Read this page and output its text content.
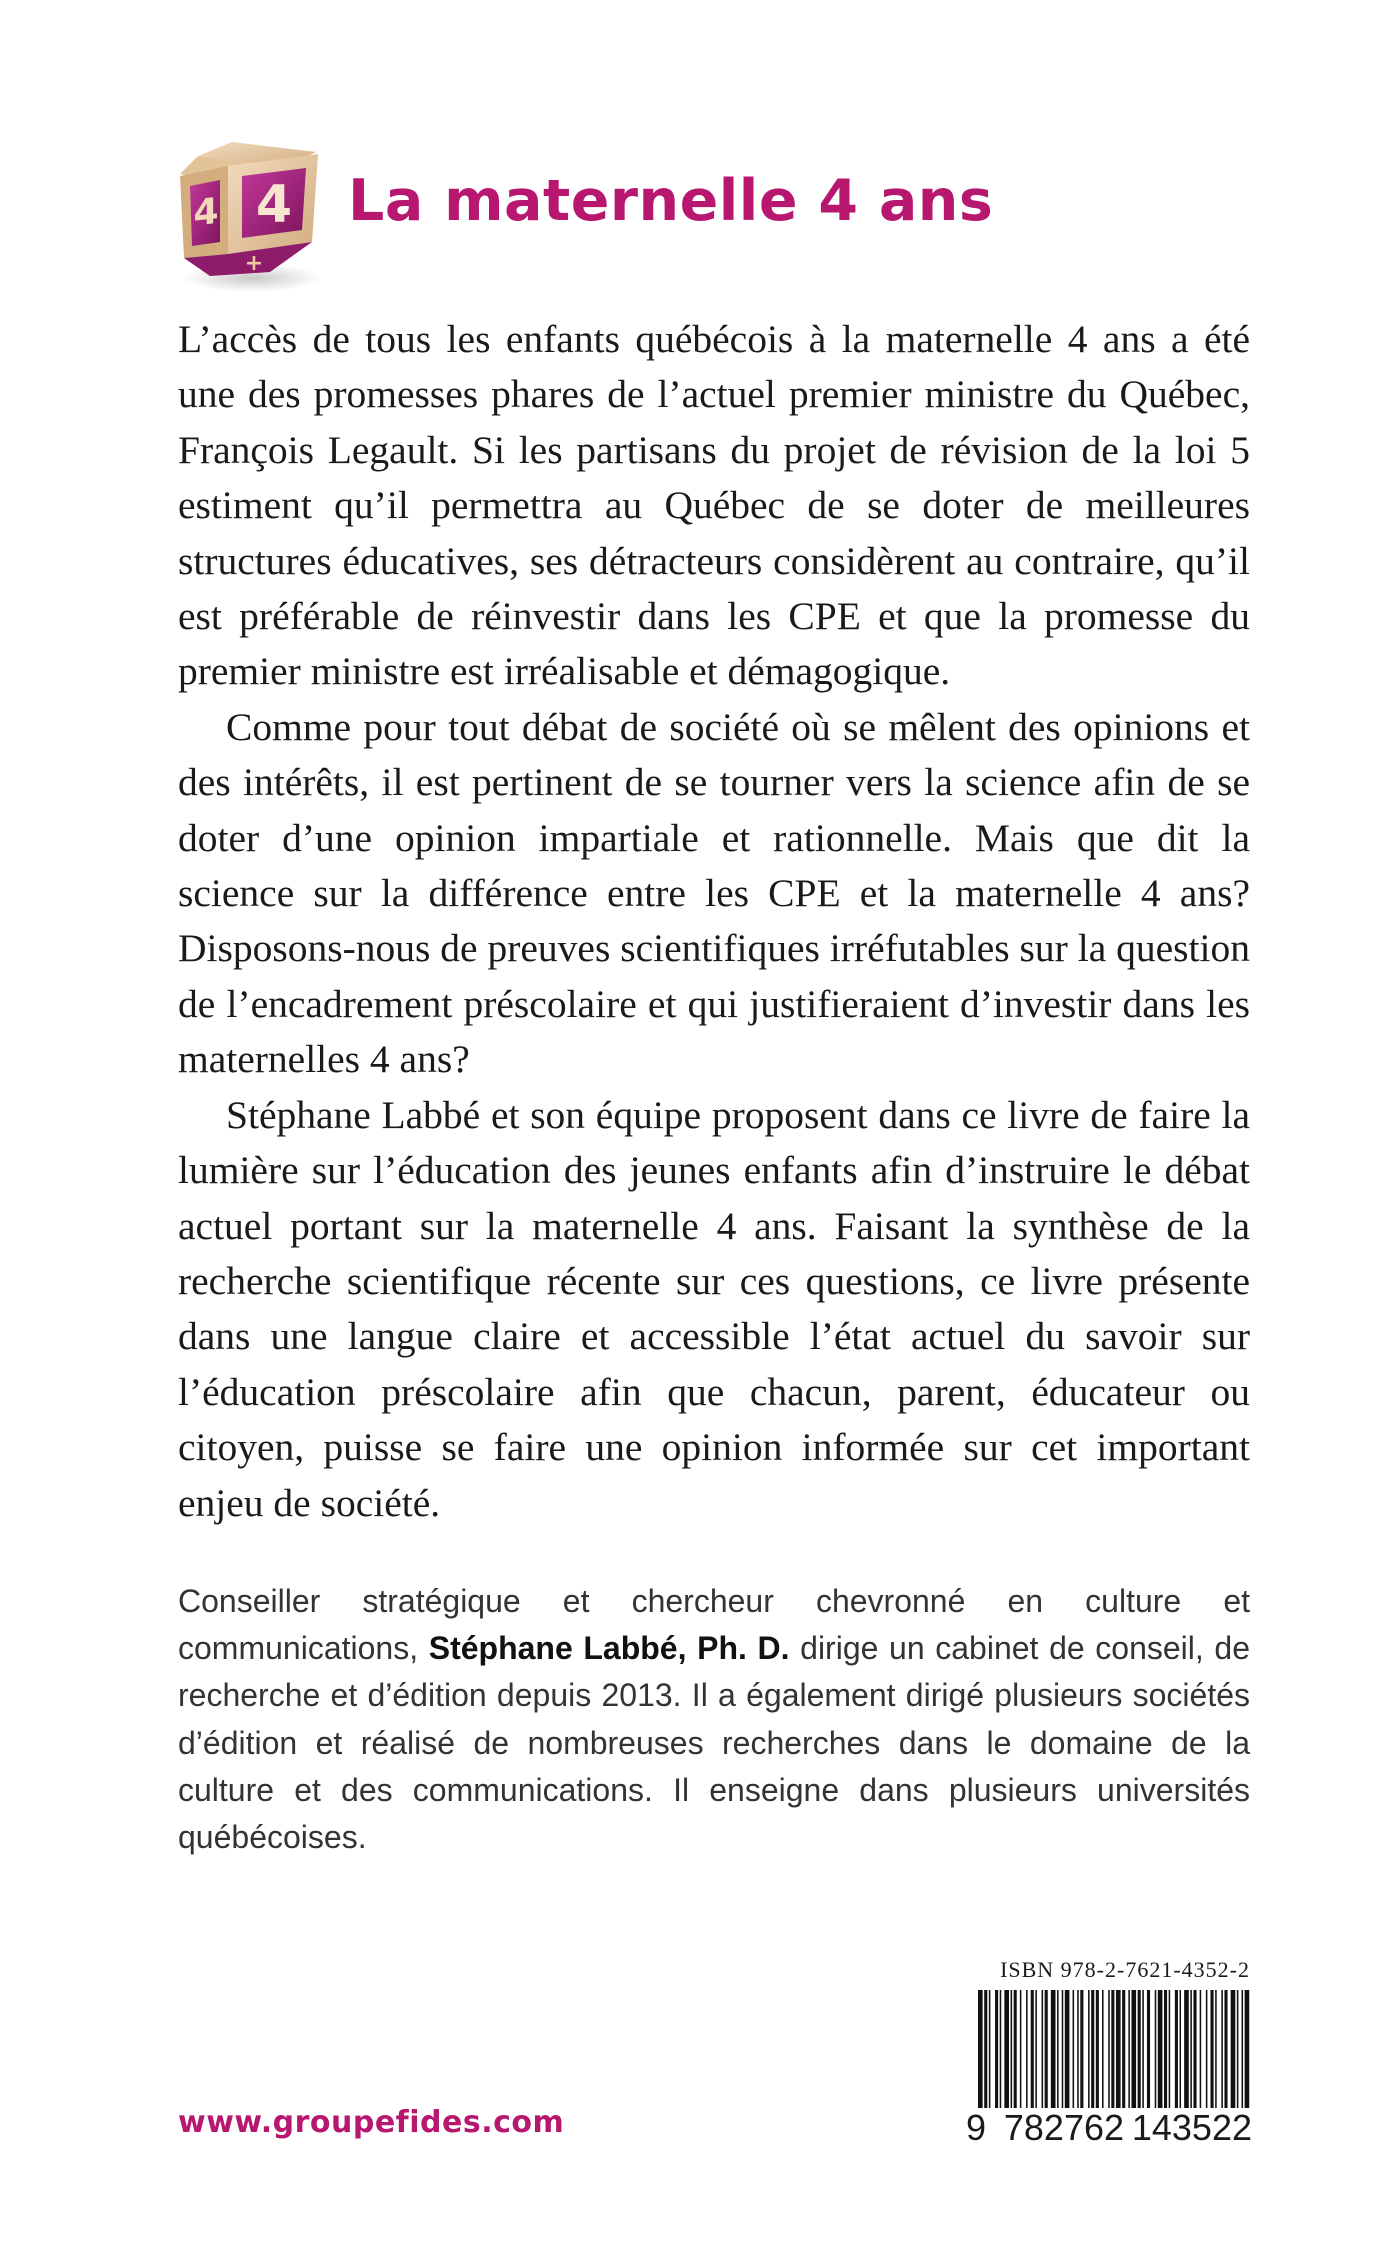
4
4
+
La maternelle 4 ans

L’accès de tous les enfants québécois à la maternelle 4 ans a été une des promesses phares de l’actuel premier ministre du Québec, François Legault. Si les partisans du projet de révision de la loi 5 estiment qu’il permettra au Québec de se doter de meilleures structures éducatives, ses détracteurs considèrent au contraire, qu’il est préférable de réinvestir dans les CPE et que la promesse du premier ministre est irréalisable et démagogique.

Comme pour tout débat de société où se mêlent des opinions et des intérêts, il est pertinent de se tourner vers la science afin de se doter d’une opinion impartiale et rationnelle. Mais que dit la science sur la différence entre les CPE et la maternelle 4 ans? Disposons-nous de preuves scientifiques irréfutables sur la question de l’encadrement préscolaire et qui justifieraient d’investir dans les maternelles 4 ans?

Stéphane Labbé et son équipe proposent dans ce livre de faire la lumière sur l’éducation des jeunes enfants afin d’instruire le débat actuel portant sur la maternelle 4 ans. Faisant la synthèse de la recherche scientifique récente sur ces questions, ce livre présente dans une langue claire et accessible l’état actuel du savoir sur l’éducation préscolaire afin que chacun, parent, éducateur ou citoyen, puisse se faire une opinion informée sur cet important enjeu de société.

Conseiller stratégique et chercheur chevronné en culture et communications, Stéphane Labbé, Ph. D. dirige un cabinet de conseil, de recherche et d’édition depuis 2013. Il a également dirigé plusieurs sociétés d’édition et réalisé de nombreuses recherches dans le domaine de la culture et des communications. Il enseigne dans plusieurs universités québécoises.

www.groupefides.com
ISBN 978-2-7621-4352-2
9 782762 143522
